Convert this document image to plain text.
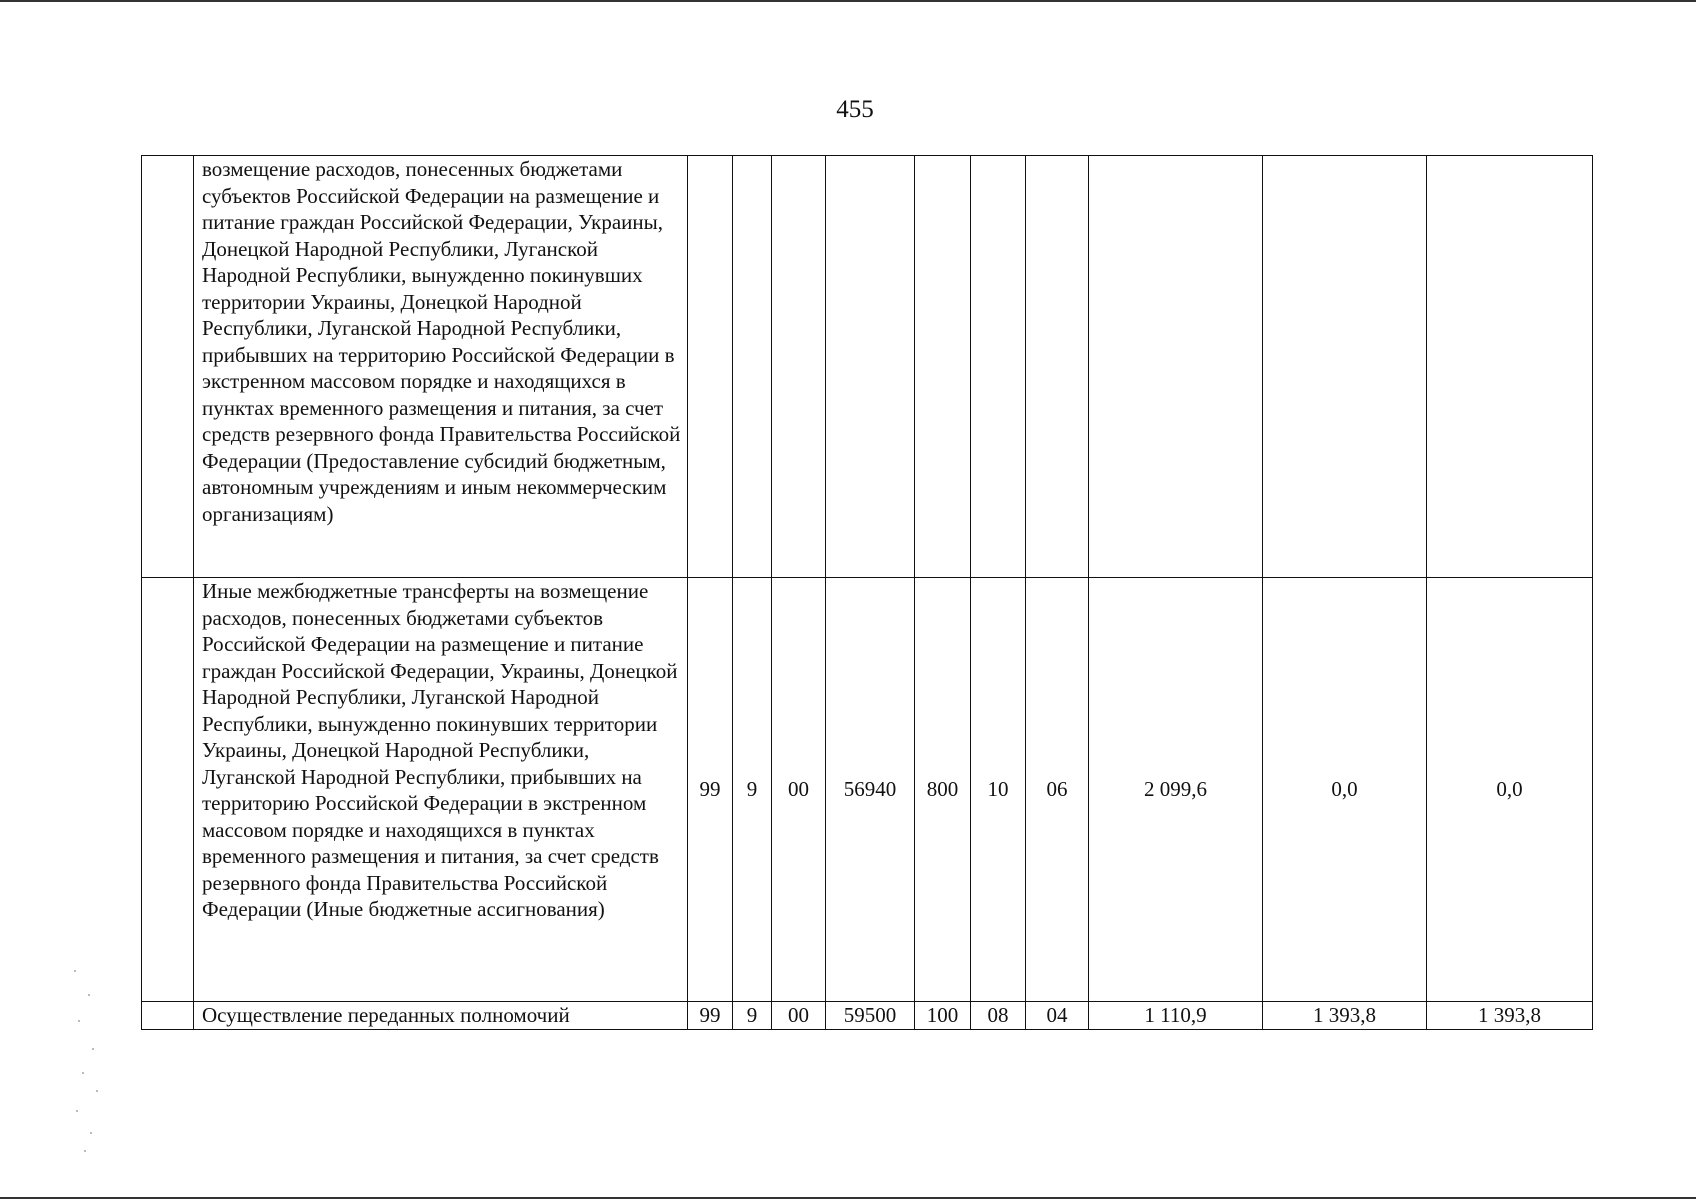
455
	возмещение расходов, понесенных бюджетами субъектов Российской Федерации на размещение и питание граждан Российской Федерации, Украины, Донецкой Народной Республики, Луганской Народной Республики, вынужденно покинувших территории Украины, Донецкой Народной Республики, Луганской Народной Республики, прибывших на территорию Российской Федерации в экстренном массовом порядке и находящихся в пунктах временного размещения и питания, за счет средств резервного фонда Правительства Российской Федерации (Предоставление субсидий бюджетным, автономным учреждениям и иным некоммерческим организациям)										
	Иные межбюджетные трансферты на возмещение расходов, понесенных бюджетами субъектов Российской Федерации на размещение и питание граждан Российской Федерации, Украины, Донецкой Народной Республики, Луганской Народной Республики, вынужденно покинувших территории Украины, Донецкой Народной Республики, Луганской Народной Республики, прибывших на территорию Российской Федерации в экстренном массовом порядке и находящихся в пунктах временного размещения и питания, за счет средств резервного фонда Правительства Российской Федерации (Иные бюджетные ассигнования)	99	9	00	56940	800	10	06	2 099,6	0,0	0,0
	Осуществление переданных полномочий	99	9	00	59500	100	08	04	1 110,9	1 393,8	1 393,8
